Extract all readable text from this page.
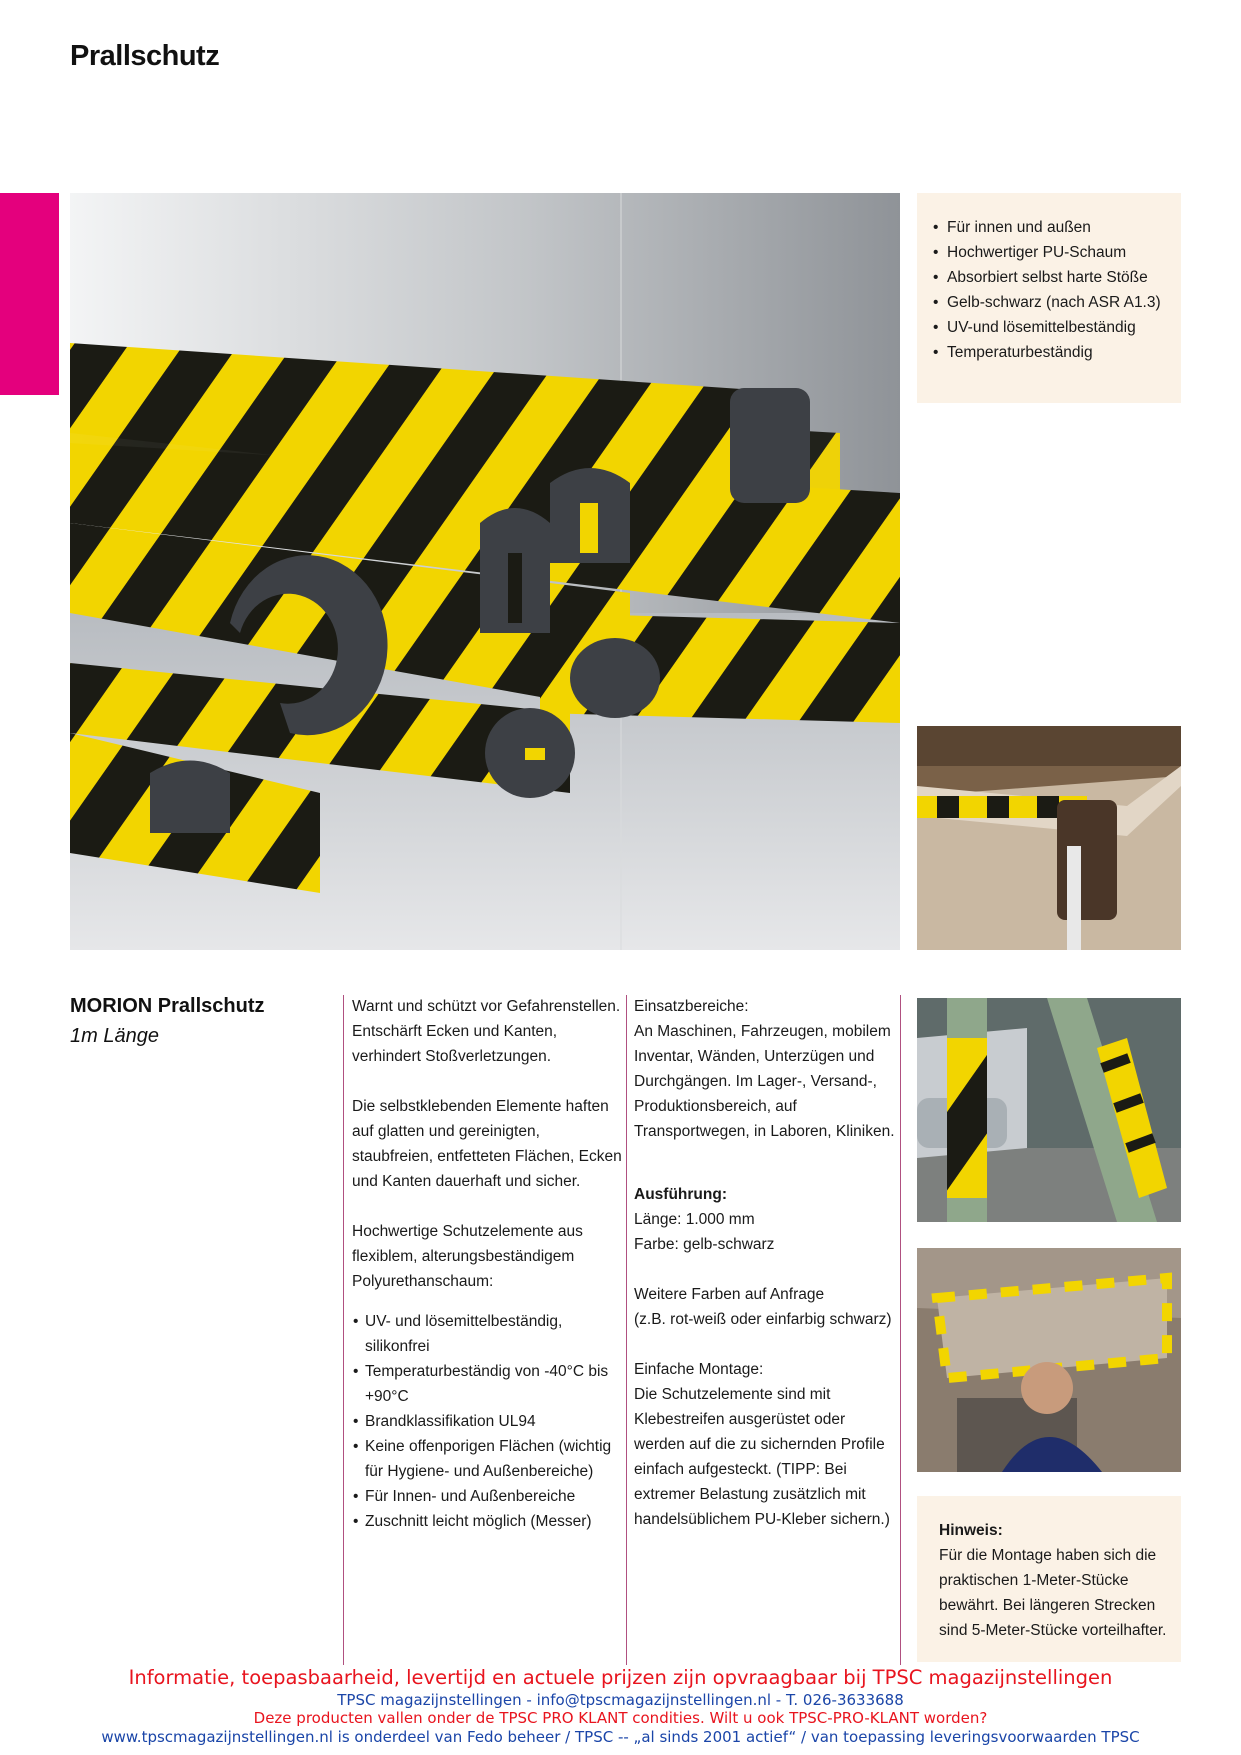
Prallschutz
• Für innen und außen
• Hochwertiger PU-Schaum
• Absorbiert selbst harte Stöße
• Gelb-schwarz (nach ASR A1.3)
• UV-und lösemittelbeständig
• Temperaturbeständig
MORION Prallschutz
1m Länge

Warnt und schützt vor Gefahrenstellen. Entschärft Ecken und Kanten, verhindert Stoßverletzungen.

Die selbstklebenden Elemente haften auf glatten und gereinigten, staubfreien, entfetteten Flächen, Ecken und Kanten dauerhaft und sicher.

Hochwertige Schutzelemente aus flexiblem, alterungsbeständigem Polyurethanschaum:

• UV- und lösemittelbeständig, silikonfrei
• Temperaturbeständig von -40°C bis +90°C
• Brandklassifikation UL94
• Keine offenporigen Flächen (wichtig für Hygiene- und Außenbereiche)
• Für Innen- und Außenbereiche
• Zuschnitt leicht möglich (Messer)
Einsatzbereiche:

An Maschinen, Fahrzeugen, mobilem Inventar, Wänden, Unterzügen und Durchgängen. Im Lager-, Versand-, Produktionsbereich, auf Transportwegen, in Laboren, Kliniken.

Ausführung:
Länge: 1.000 mm
Farbe: gelb-schwarz
Weitere Farben auf Anfrage
(z.B. rot-weiß oder einfarbig schwarz)
Einfache Montage:

Die Schutzelemente sind mit Klebestreifen ausgerüstet oder werden auf die zu sichernden Profile einfach aufgesteckt. (TIPP: Bei extremer Belastung zusätzlich mit handelsüblichem PU-Kleber sichern.)

Hinweis:
Für die Montage haben sich die praktischen 1-Meter-Stücke bewährt. Bei längeren Strecken sind 5-Meter-Stücke vorteilhafter.
Informatie, toepasbaarheid, levertijd en actuele prijzen zijn opvraagbaar bij TPSC magazijnstellingen
TPSC magazijnstellingen - info@tpscmagazijnstellingen.nl - T. 026-3633688
Deze producten vallen onder de TPSC PRO KLANT condities. Wilt u ook TPSC-PRO-KLANT worden?
www.tpscmagazijnstellingen.nl is onderdeel van Fedo beheer / TPSC -- „al sinds 2001 actief“ / van toepassing leveringsvoorwaarden TPSC
